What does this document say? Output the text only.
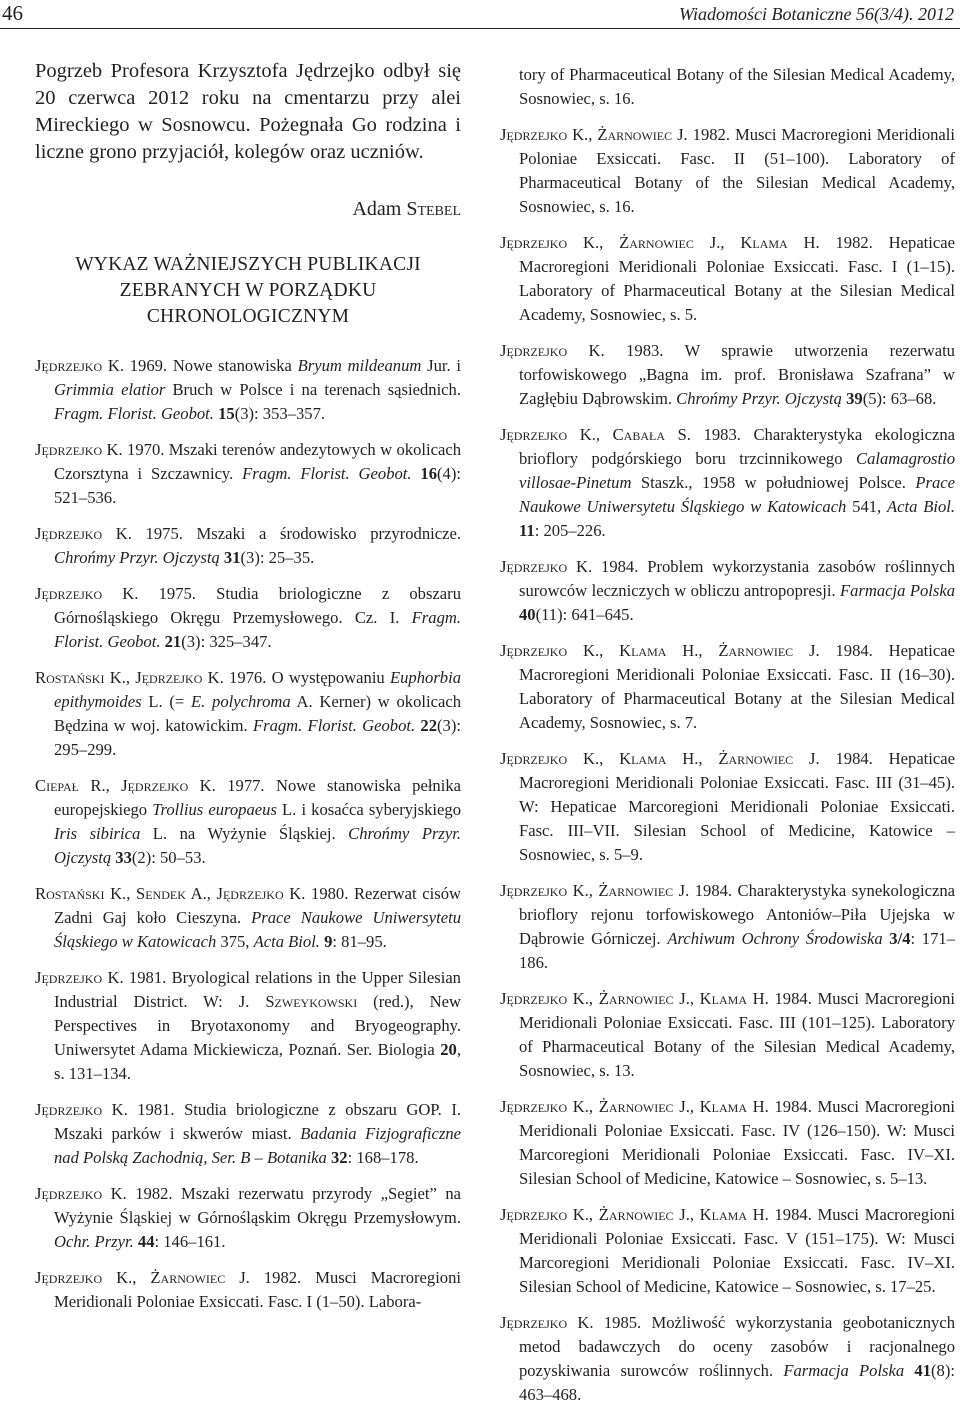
46	Wiadomości Botaniczne 56(3/4). 2012

Pogrzeb Profesora Krzysztofa Jędrzejko odbył się 20 czerwca 2012 roku na cmentarzu przy alei Mireckiego w Sosnowcu. Pożegnała Go rodzina i liczne grono przyjaciół, kolegów oraz uczniów.

Adam Stebel
WYKAZ WAŻNIEJSZYCH PUBLIKACJI
ZEBRANYCH W PORZĄDKU
CHRONOLOGICZNYM
Jędrzejko K. 1969. Nowe stanowiska Bryum mildeanum Jur. i Grimmia elatior Bruch w Polsce i na terenach sąsiednich. Fragm. Florist. Geobot. 15(3): 353‒357.
Jędrzejko K. 1970. Mszaki terenów andezytowych w okolicach Czorsztyna i Szczawnicy. Fragm. Florist. Geobot. 16(4): 521‒536.
Jędrzejko K. 1975. Mszaki a środowisko przyrodnicze. Chrońmy Przyr. Ojczystą 31(3): 25‒35.
Jędrzejko K. 1975. Studia briologiczne z obszaru Górnośląskiego Okręgu Przemysłowego. Cz. I. Fragm. Florist. Geobot. 21(3): 325‒347.
Rostański K., Jędrzejko K. 1976. O występowaniu Euphorbia epithymoides L. (= E. polychroma A. Kerner) w okolicach Będzina w woj. katowickim. Fragm. Florist. Geobot. 22(3): 295‒299.
Ciepał R., Jędrzejko K. 1977. Nowe stanowiska pełnika europejskiego Trollius europaeus L. i kosaćca syberyjskiego Iris sibirica L. na Wyżynie Śląskiej. Chrońmy Przyr. Ojczystą 33(2): 50‒53.
Rostański K., Sendek A., Jędrzejko K. 1980. Rezerwat cisów Zadni Gaj koło Cieszyna. Prace Naukowe Uniwersytetu Śląskiego w Katowicach 375, Acta Biol. 9: 81‒95.
Jędrzejko K. 1981. Bryological relations in the Upper Silesian Industrial District. W: J. Szweykowski (red.), New Perspectives in Bryotaxonomy and Bryogeography. Uniwersytet Adama Mickiewicza, Poznań. Ser. Biologia 20, s. 131‒134.
Jędrzejko K. 1981. Studia briologiczne z obszaru GOP. I. Mszaki parków i skwerów miast. Badania Fizjograficzne nad Polską Zachodnią, Ser. B ‒ Botanika 32: 168‒178.
Jędrzejko K. 1982. Mszaki rezerwatu przyrody „Segiet” na Wyżynie Śląskiej w Górnośląskim Okręgu Przemysłowym. Ochr. Przyr. 44: 146‒161.
Jędrzejko K., Żarnowiec J. 1982. Musci Macroregioni Meridionali Poloniae Exsiccati. Fasc. I (1‒50). Labora-
tory of Pharmaceutical Botany of the Silesian Medical Academy, Sosnowiec, s. 16.
Jędrzejko K., Żarnowiec J. 1982. Musci Macroregioni Meridionali Poloniae Exsiccati. Fasc. II (51‒100). Laboratory of Pharmaceutical Botany of the Silesian Medical Academy, Sosnowiec, s. 16.
Jędrzejko K., Żarnowiec J., Klama H. 1982. Hepaticae Macroregioni Meridionali Poloniae Exsiccati. Fasc. I (1‒15). Laboratory of Pharmaceutical Botany at the Silesian Medical Academy, Sosnowiec, s. 5.
Jędrzejko K. 1983. W sprawie utworzenia rezerwatu torfowiskowego „Bagna im. prof. Bronisława Szafrana” w Zagłębiu Dąbrowskim. Chrońmy Przyr. Ojczystą 39(5): 63‒68.
Jędrzejko K., Cabała S. 1983. Charakterystyka ekologiczna brioflory podgórskiego boru trzcinnikowego Calamagrostio villosae-Pinetum Staszk., 1958 w południowej Polsce. Prace Naukowe Uniwersytetu Śląskiego w Katowicach 541, Acta Biol. 11: 205‒226.
Jędrzejko K. 1984. Problem wykorzystania zasobów roślinnych surowców leczniczych w obliczu antropopresji. Farmacja Polska 40(11): 641‒645.
Jędrzejko K., Klama H., Żarnowiec J. 1984. Hepaticae Macroregioni Meridionali Poloniae Exsiccati. Fasc. II (16‒30). Laboratory of Pharmaceutical Botany at the Silesian Medical Academy, Sosnowiec, s. 7.
Jędrzejko K., Klama H., Żarnowiec J. 1984. Hepaticae Macroregioni Meridionali Poloniae Exsiccati. Fasc. III (31‒45). W: Hepaticae Marcoregioni Meridionali Poloniae Exsiccati. Fasc. III‒VII. Silesian School of Medicine, Katowice ‒ Sosnowiec, s. 5‒9.
Jędrzejko K., Żarnowiec J. 1984. Charakterystyka synekologiczna brioflory rejonu torfowiskowego Antoniów‒Piła Ujejska w Dąbrowie Górniczej. Archiwum Ochrony Środowiska 3/4: 171‒186.
Jędrzejko K., Żarnowiec J., Klama H. 1984. Musci Macroregioni Meridionali Poloniae Exsiccati. Fasc. III (101‒125). Laboratory of Pharmaceutical Botany of the Silesian Medical Academy, Sosnowiec, s. 13.
Jędrzejko K., Żarnowiec J., Klama H. 1984. Musci Macroregioni Meridionali Poloniae Exsiccati. Fasc. IV (126‒150). W: Musci Marcoregioni Meridionali Poloniae Exsiccati. Fasc. IV‒XI. Silesian School of Medicine, Katowice ‒ Sosnowiec, s. 5‒13.
Jędrzejko K., Żarnowiec J., Klama H. 1984. Musci Macroregioni Meridionali Poloniae Exsiccati. Fasc. V (151‒175). W: Musci Marcoregioni Meridionali Poloniae Exsiccati. Fasc. IV‒XI. Silesian School of Medicine, Katowice ‒ Sosnowiec, s. 17‒25.
Jędrzejko K. 1985. Możliwość wykorzystania geobotanicznych metod badawczych do oceny zasobów i racjonalnego pozyskiwania surowców roślinnych. Farmacja Polska 41(8): 463‒468.
